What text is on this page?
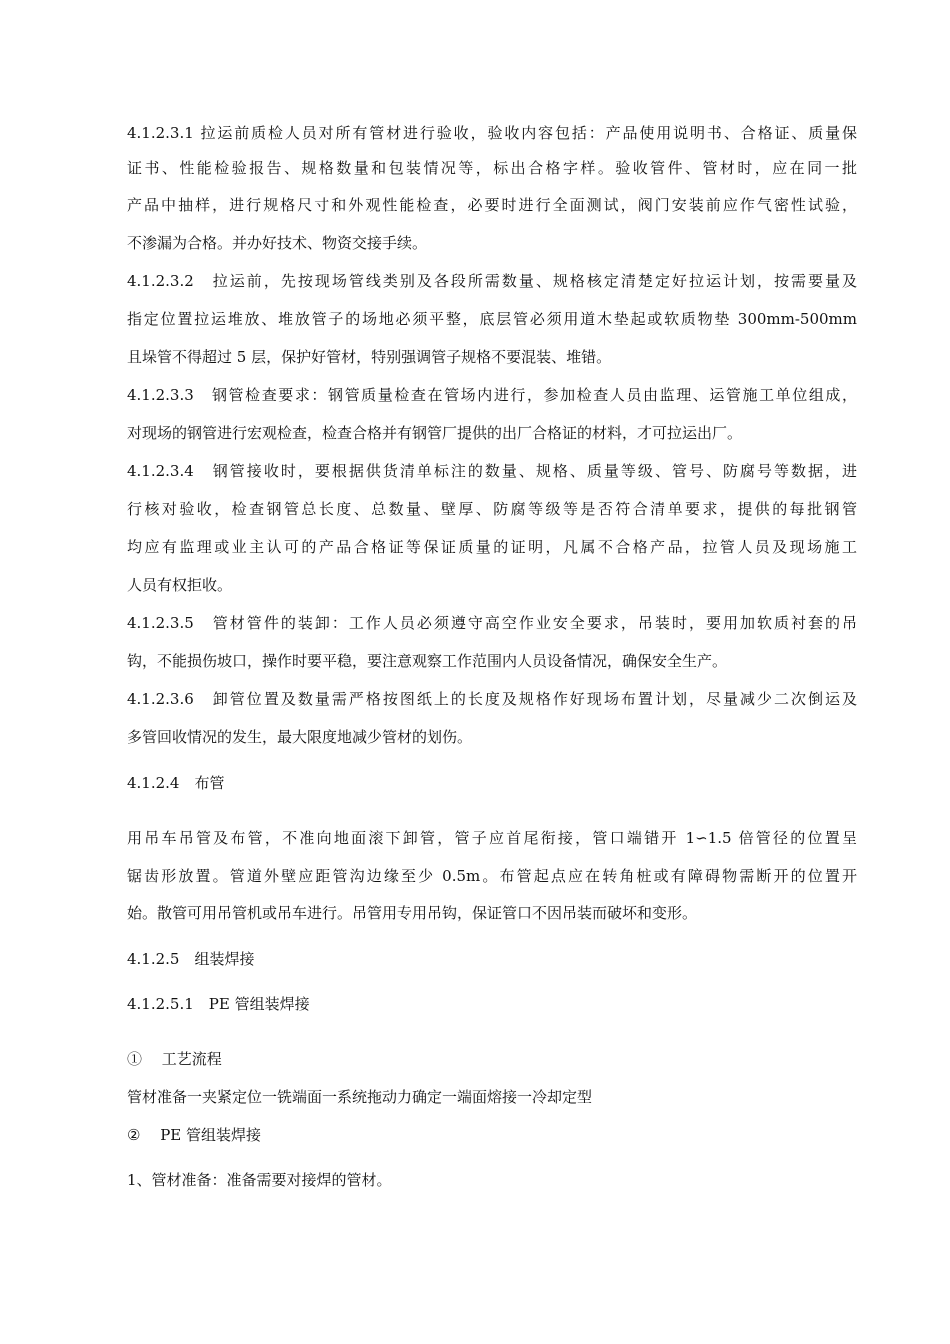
4.1.2.3.1 拉运前质检人员对所有管材进行验收，验收内容包括：产品使用说明书、合格证、质量保
证书、性能检验报告、规格数量和包装情况等，标出合格字样。验收管件、管材时，应在同一批
产品中抽样，进行规格尺寸和外观性能检查，必要时进行全面测试，阀门安装前应作气密性试验，
不渗漏为合格。并办好技术、物资交接手续。
4.1.2.3.2　拉运前，先按现场管线类别及各段所需数量、规格核定清楚定好拉运计划，按需要量及
指定位置拉运堆放、堆放管子的场地必须平整，底层管必须用道木垫起或软质物垫 300mm-500mm
且垛管不得超过 5 层，保护好管材，特别强调管子规格不要混装、堆错。
4.1.2.3.3　钢管检查要求：钢管质量检查在管场内进行，参加检查人员由监理、运管施工单位组成，
对现场的钢管进行宏观检查，检查合格并有钢管厂提供的出厂合格证的材料，才可拉运出厂。
4.1.2.3.4　钢管接收时，要根据供货清单标注的数量、规格、质量等级、管号、防腐号等数据，进
行核对验收，检查钢管总长度、总数量、壁厚、防腐等级等是否符合清单要求，提供的每批钢管
均应有监理或业主认可的产品合格证等保证质量的证明，凡属不合格产品，拉管人员及现场施工
人员有权拒收。
4.1.2.3.5　管材管件的装卸：工作人员必须遵守高空作业安全要求，吊装时，要用加软质衬套的吊
钩，不能损伤坡口，操作时要平稳，要注意观察工作范围内人员设备情况，确保安全生产。
4.1.2.3.6　卸管位置及数量需严格按图纸上的长度及规格作好现场布置计划，尽量减少二次倒运及
多管回收情况的发生，最大限度地减少管材的划伤。
4.1.2.4　布管
用吊车吊管及布管，不准向地面滚下卸管，管子应首尾衔接，管口端错开 1∽1.5 倍管径的位置呈
锯齿形放置。管道外壁应距管沟边缘至少 0.5m。布管起点应在转角桩或有障碍物需断开的位置开
始。散管可用吊管机或吊车进行。吊管用专用吊钩，保证管口不因吊装而破坏和变形。
4.1.2.5　组装焊接
4.1.2.5.1　PE 管组装焊接
①　 工艺流程
管材准备一夹紧定位一铣端面一系统拖动力确定一端面熔接一冷却定型
②　 PE 管组装焊接
1、管材准备：准备需要对接焊的管材。
